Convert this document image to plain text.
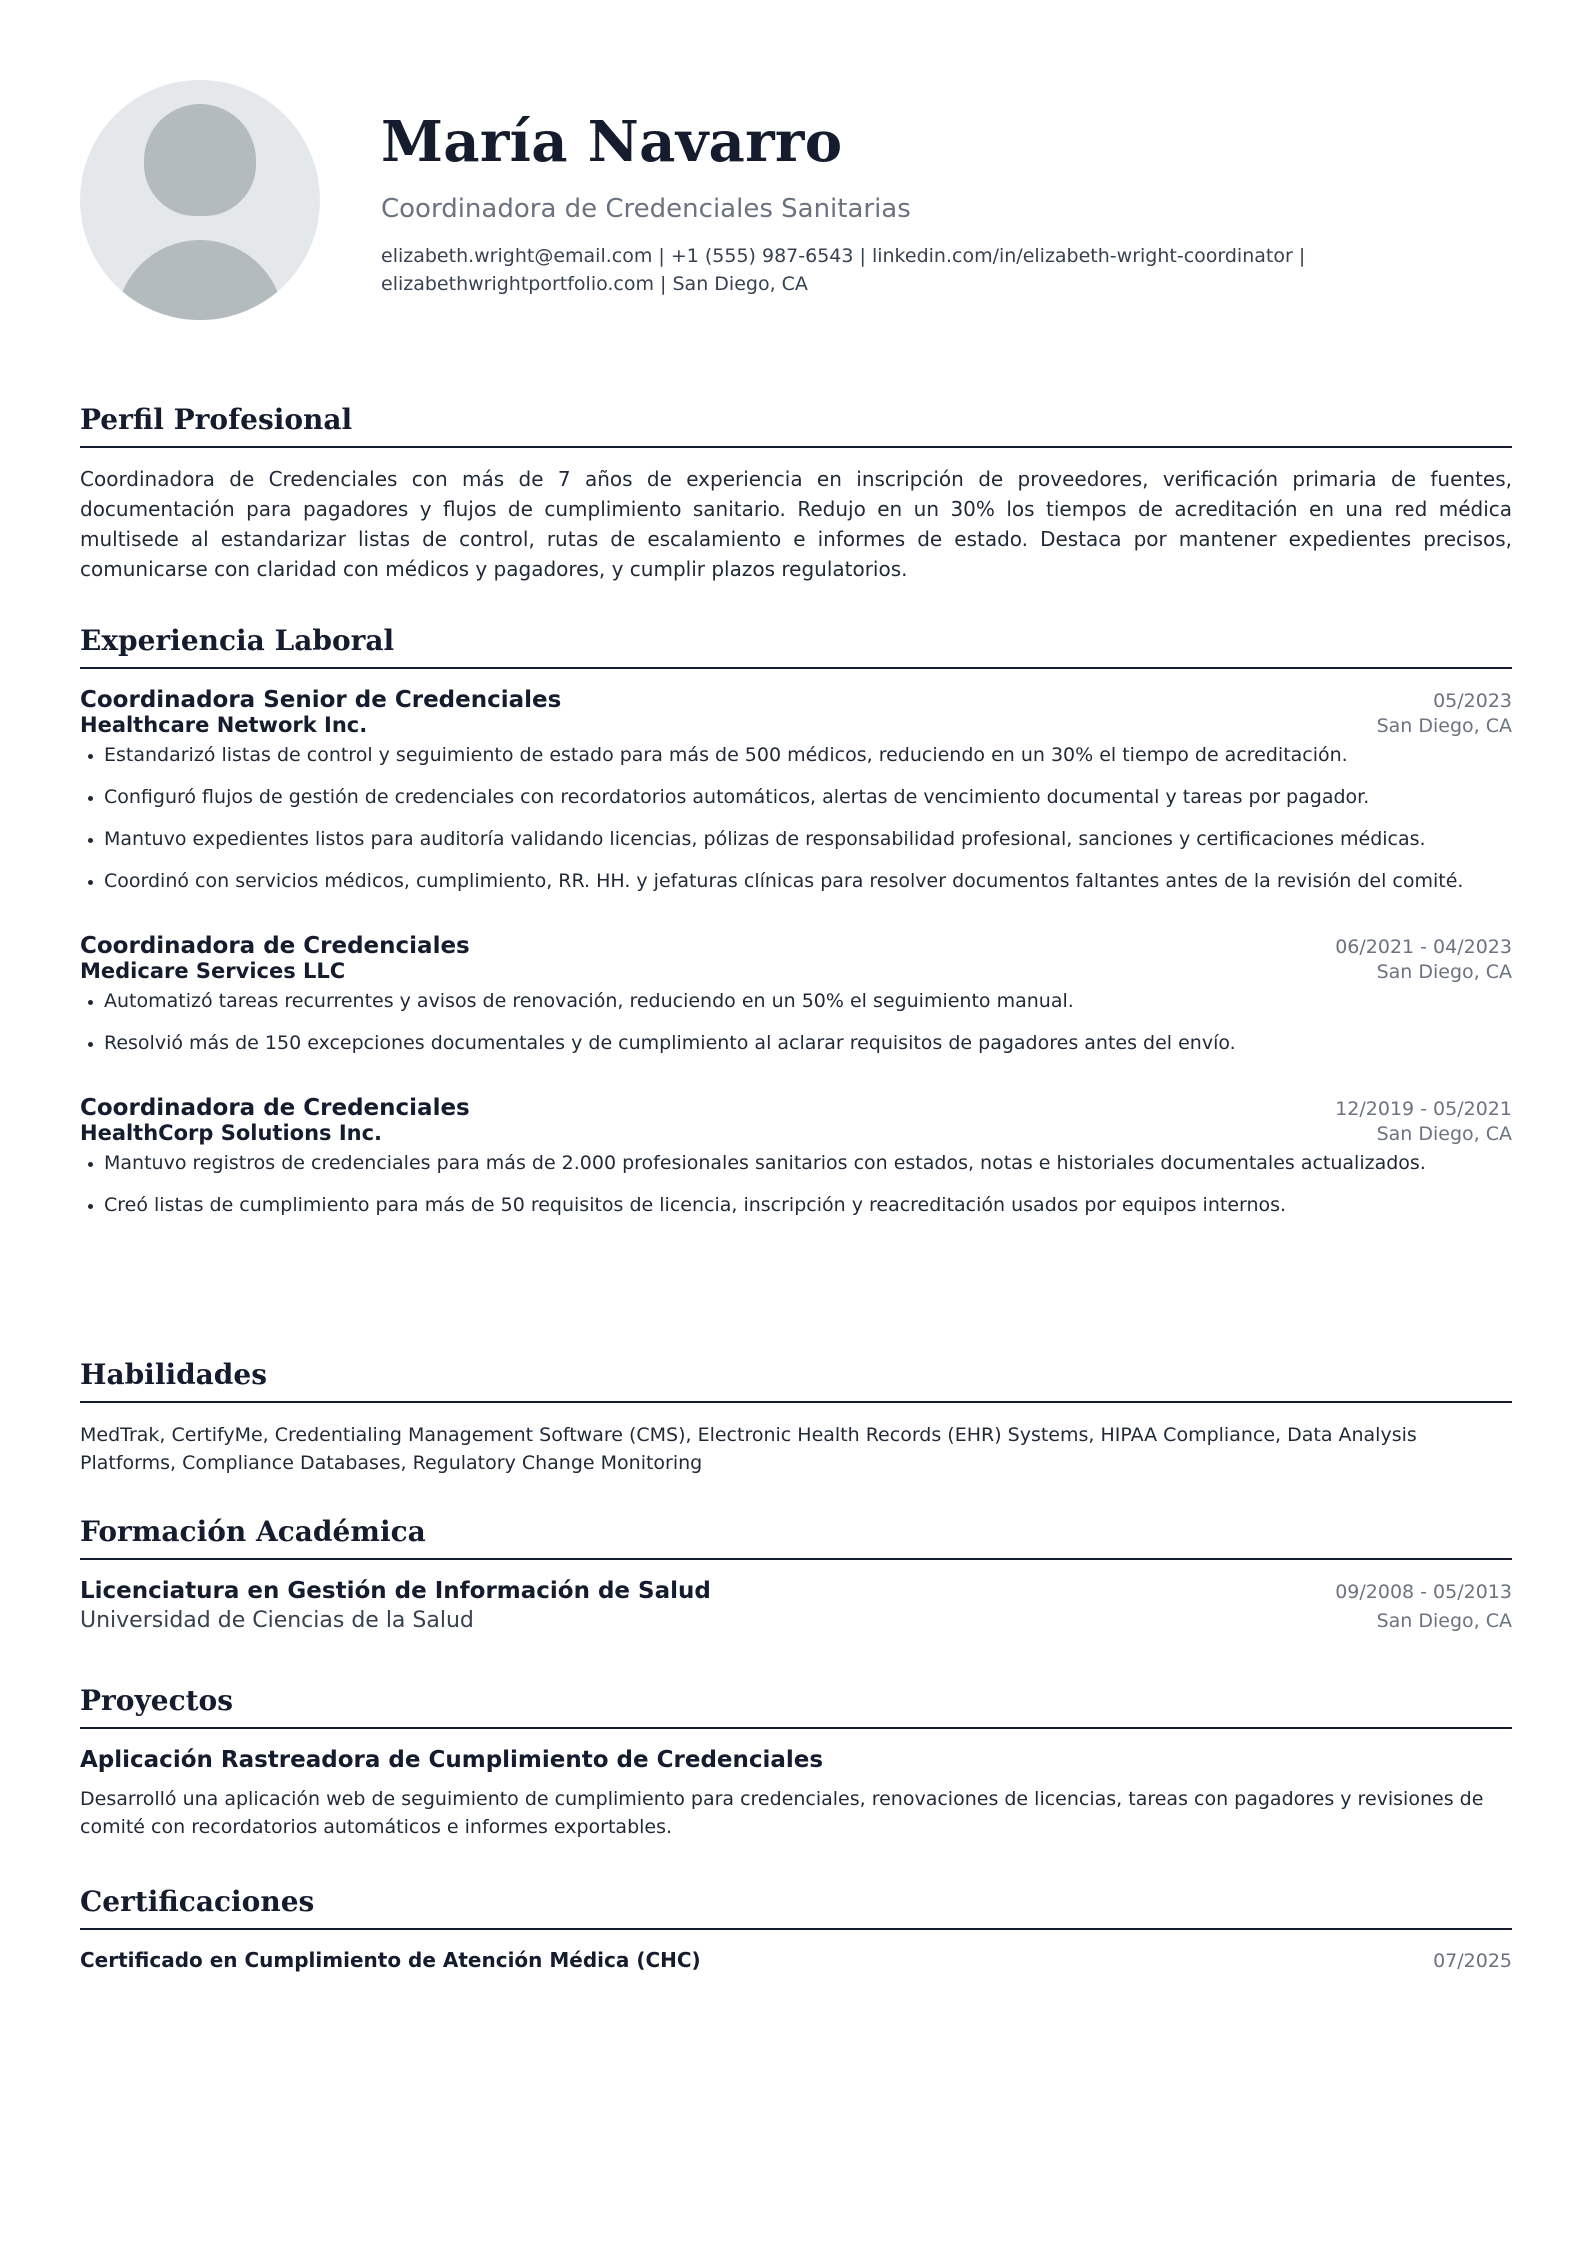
María Navarro
Coordinadora de Credenciales Sanitarias
elizabeth.wright@email.com | +1 (555) 987-6543 | linkedin.com/in/elizabeth-wright-coordinator | elizabethwrightportfolio.com | San Diego, CA
Perfil Profesional
Coordinadora de Credenciales con más de 7 años de experiencia en inscripción de proveedores, verificación primaria de fuentes, documentación para pagadores y flujos de cumplimiento sanitario. Redujo en un 30% los tiempos de acreditación en una red médica multisede al estandarizar listas de control, rutas de escalamiento e informes de estado. Destaca por mantener expedientes precisos, comunicarse con claridad con médicos y pagadores, y cumplir plazos regulatorios.
Experiencia Laboral
Coordinadora Senior de Credenciales	05/2023
Healthcare Network Inc.	San Diego, CA
Estandarizó listas de control y seguimiento de estado para más de 500 médicos, reduciendo en un 30% el tiempo de acreditación.
Configuró flujos de gestión de credenciales con recordatorios automáticos, alertas de vencimiento documental y tareas por pagador.
Mantuvo expedientes listos para auditoría validando licencias, pólizas de responsabilidad profesional, sanciones y certificaciones médicas.
Coordinó con servicios médicos, cumplimiento, RR. HH. y jefaturas clínicas para resolver documentos faltantes antes de la revisión del comité.
Coordinadora de Credenciales	06/2021 - 04/2023
Medicare Services LLC	San Diego, CA
Automatizó tareas recurrentes y avisos de renovación, reduciendo en un 50% el seguimiento manual.
Resolvió más de 150 excepciones documentales y de cumplimiento al aclarar requisitos de pagadores antes del envío.
Coordinadora de Credenciales	12/2019 - 05/2021
HealthCorp Solutions Inc.	San Diego, CA
Mantuvo registros de credenciales para más de 2.000 profesionales sanitarios con estados, notas e historiales documentales actualizados.
Creó listas de cumplimiento para más de 50 requisitos de licencia, inscripción y reacreditación usados por equipos internos.
Habilidades
MedTrak, CertifyMe, Credentialing Management Software (CMS), Electronic Health Records (EHR) Systems, HIPAA Compliance, Data Analysis Platforms, Compliance Databases, Regulatory Change Monitoring
Formación Académica
Licenciatura en Gestión de Información de Salud	09/2008 - 05/2013
Universidad de Ciencias de la Salud	San Diego, CA
Proyectos
Aplicación Rastreadora de Cumplimiento de Credenciales
Desarrolló una aplicación web de seguimiento de cumplimiento para credenciales, renovaciones de licencias, tareas con pagadores y revisiones de comité con recordatorios automáticos e informes exportables.
Certificaciones
Certificado en Cumplimiento de Atención Médica (CHC)	07/2025
